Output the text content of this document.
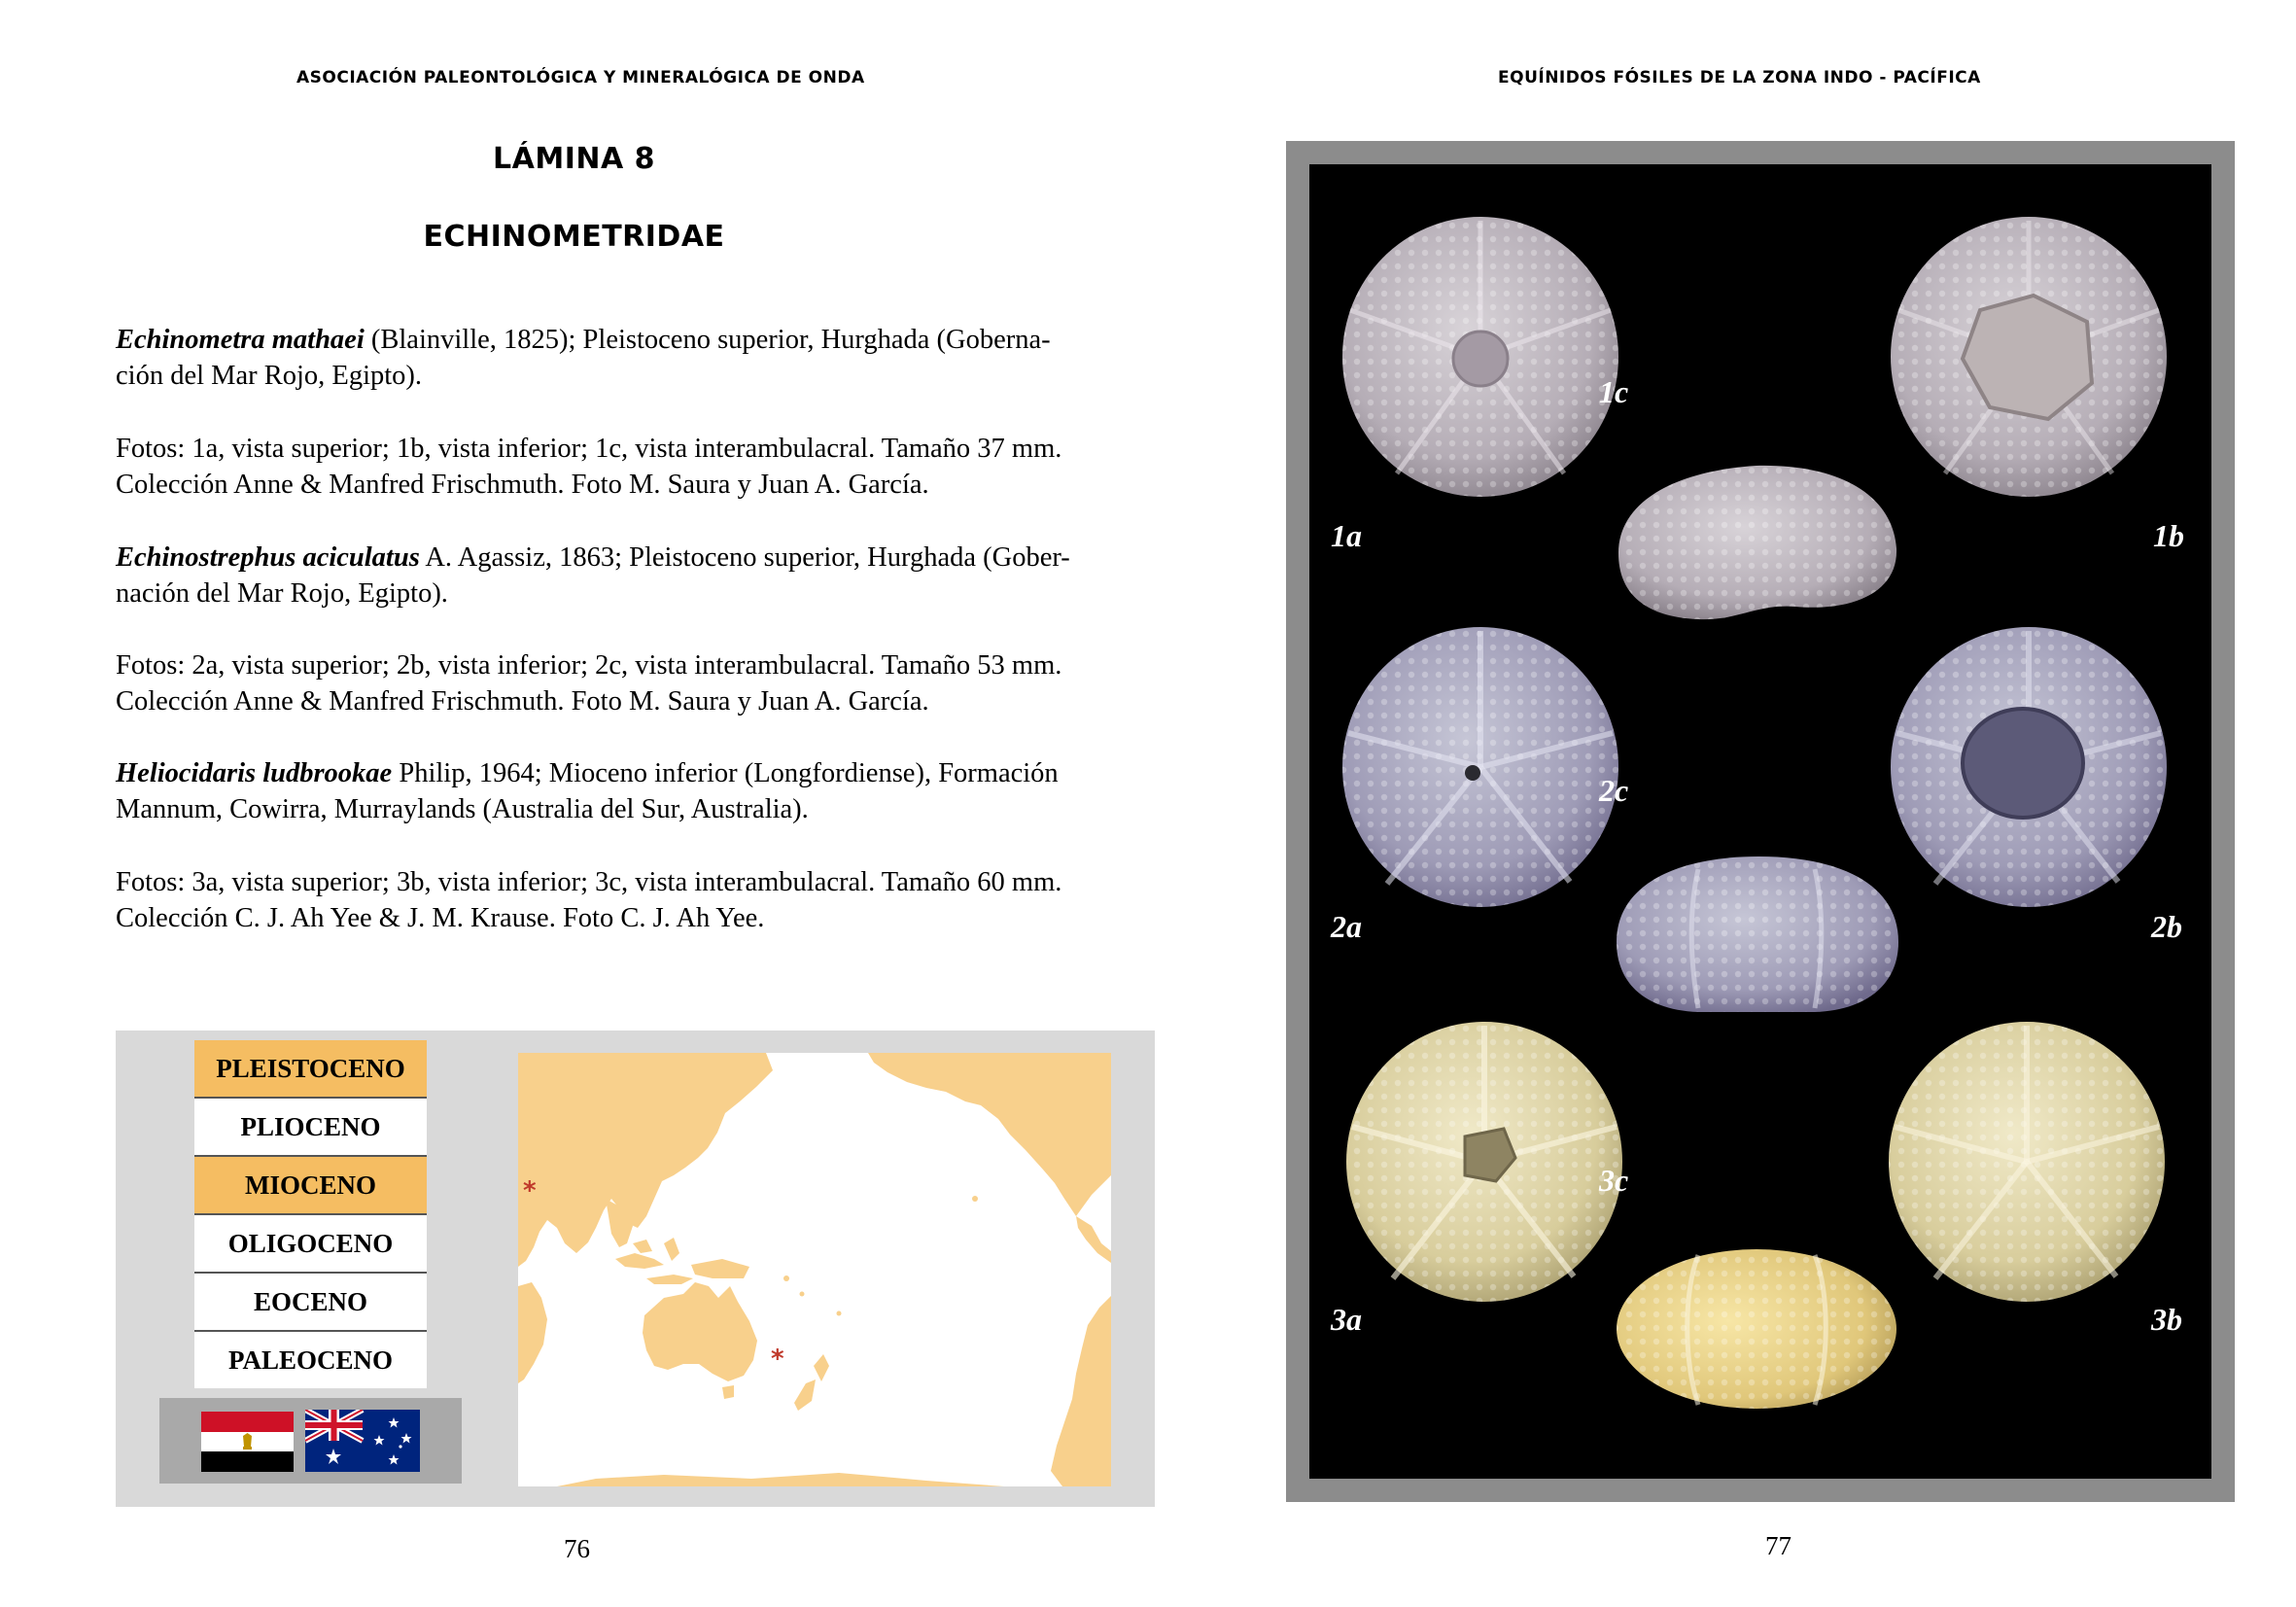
ASOCIACIÓN PALEONTOLÓGICA Y MINERALÓGICA DE ONDA
LÁMINA 8
ECHINOMETRIDAE

Echinometra mathaei (Blainville, 1825); Pleistoceno superior, Hurghada (Goberna-

ción del Mar Rojo, Egipto).

Fotos: 1a, vista superior; 1b, vista inferior; 1c, vista interambulacral. Tamaño 37 mm.

Colección Anne & Manfred Frischmuth. Foto M. Saura y Juan A. García.

Echinostrephus aciculatus A. Agassiz, 1863; Pleistoceno superior, Hurghada (Gober-

nación del Mar Rojo, Egipto).

Fotos: 2a, vista superior; 2b, vista inferior; 2c, vista interambulacral. Tamaño 53 mm.

Colección Anne & Manfred Frischmuth. Foto M. Saura y Juan A. García.

Heliocidaris ludbrookae Philip, 1964; Mioceno inferior (Longfordiense), Formación

Mannum, Cowirra, Murraylands (Australia del Sur, Australia).

Fotos: 3a, vista superior; 3b, vista inferior; 3c, vista interambulacral. Tamaño 60 mm.

Colección C. J. Ah Yee & J. M. Krause. Foto C. J. Ah Yee.

PLEISTOCENO
PLIOCENO
MIOCENO
OLIGOCENO
EOCENO
PALEOCENO
*
*
76
EQUÍNIDOS FÓSILES DE LA ZONA INDO - PACÍFICA
1c
1a	1b
2c
2a	2b
3c
3a	3b
77
